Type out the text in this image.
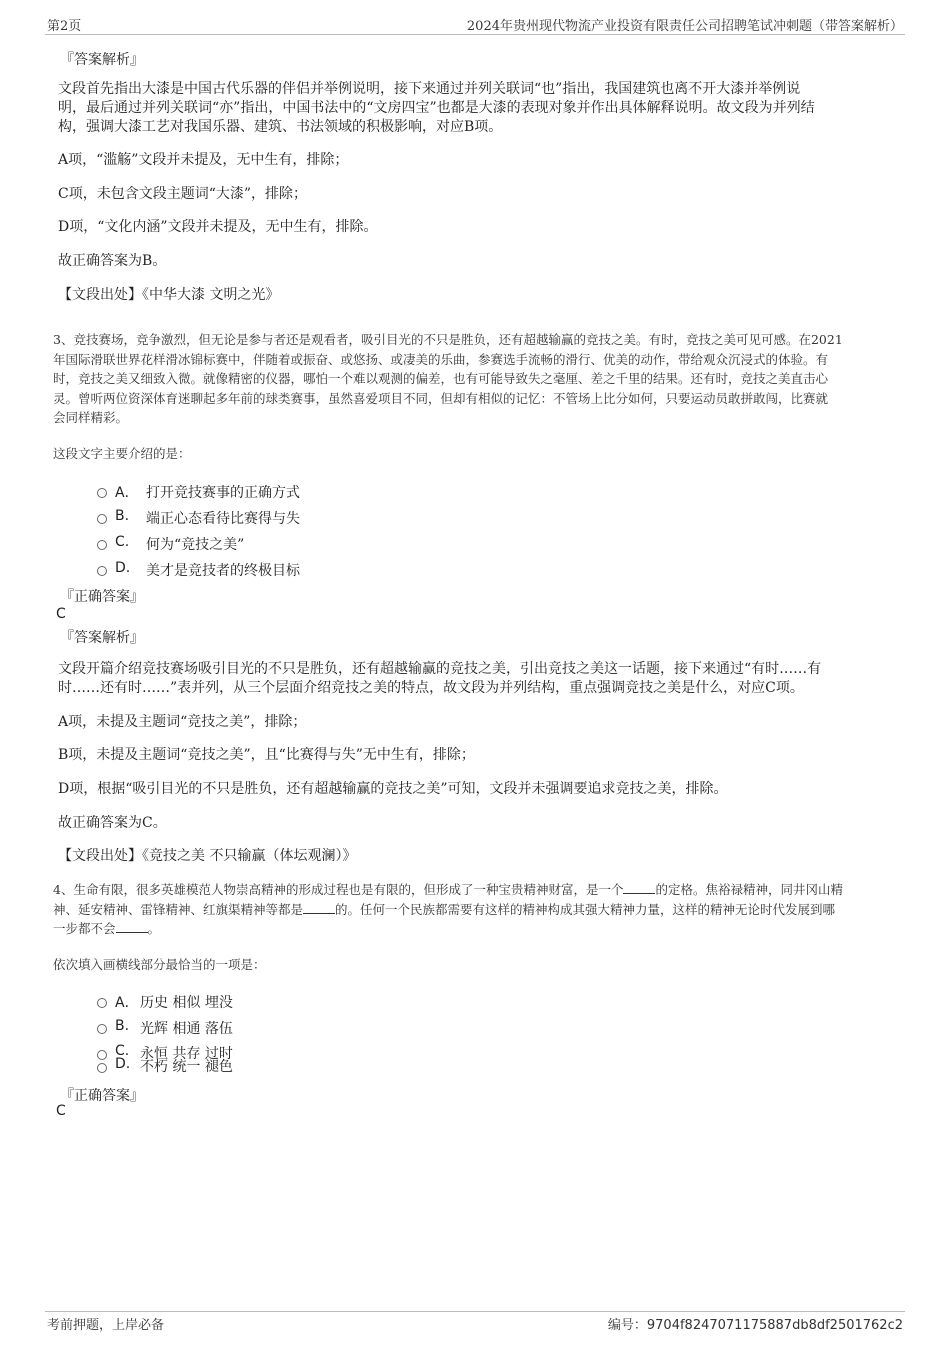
第2页	2024年贵州现代物流产业投资有限责任公司招聘笔试冲刺题（带答案解析）
『答案解析』
文段首先指出大漆是中国古代乐器的伴侣并举例说明，接下来通过并列关联词“也”指出，我国建筑也离不开大漆并举例说
明，最后通过并列关联词“亦”指出，中国书法中的“文房四宝”也都是大漆的表现对象并作出具体解释说明。故文段为并列结
构，强调大漆工艺对我国乐器、建筑、书法领域的积极影响，对应B项。
A项，“滥觞”文段并未提及，无中生有，排除；
C项，未包含文段主题词“大漆”，排除；
D项，“文化内涵”文段并未提及，无中生有，排除。
故正确答案为B。
【文段出处】《中华大漆 文明之光》
3、竞技赛场，竞争激烈，但无论是参与者还是观看者，吸引目光的不只是胜负，还有超越输赢的竞技之美。有时，竞技之美可见可感。在2021
年国际滑联世界花样滑冰锦标赛中，伴随着或振奋、或悠扬、或凄美的乐曲，参赛选手流畅的滑行、优美的动作，带给观众沉浸式的体验。有
时，竞技之美又细致入微。就像精密的仪器，哪怕一个难以观测的偏差，也有可能导致失之毫厘、差之千里的结果。还有时，竞技之美直击心
灵。曾听两位资深体育迷聊起多年前的球类赛事，虽然喜爱项目不同，但却有相似的记忆：不管场上比分如何，只要运动员敢拼敢闯，比赛就
会同样精彩。
这段文字主要介绍的是：
A． 打开竞技赛事的正确方式
B. 端正心态看待比赛得与失
C. 何为“竞技之美”
D. 美才是竞技者的终极目标
『正确答案』
C
『答案解析』
文段开篇介绍竞技赛场吸引目光的不只是胜负，还有超越输赢的竞技之美，引出竞技之美这一话题，接下来通过“有时……有
时……还有时……”表并列，从三个层面介绍竞技之美的特点，故文段为并列结构，重点强调竞技之美是什么，对应C项。
A项，未提及主题词“竞技之美”，排除；
B项，未提及主题词“竞技之美”，且“比赛得与失”无中生有，排除；
D项，根据“吸引目光的不只是胜负，还有超越输赢的竞技之美”可知，文段并未强调要追求竞技之美，排除。
故正确答案为C。
【文段出处】《竞技之美 不只输赢（体坛观澜）》
4、生命有限，很多英雄模范人物崇高精神的形成过程也是有限的，但形成了一种宝贵精神财富，是一个	的定格。焦裕禄精神，同井冈山精
神、延安精神、雷锋精神、红旗渠精神等都是	的。任何一个民族都需要有这样的精神构成其强大精神力量，这样的精神无论时代发展到哪
一步都不会	。
依次填入画横线部分最恰当的一项是：
A． 历史 相似 埋没
B. 光辉 相通 落伍
C. 永恒 共存 过时
D. 不朽 统一 褪色
『正确答案』
C
考前押题，上岸必备	编号：9704f8247071175887db8df2501762c2
